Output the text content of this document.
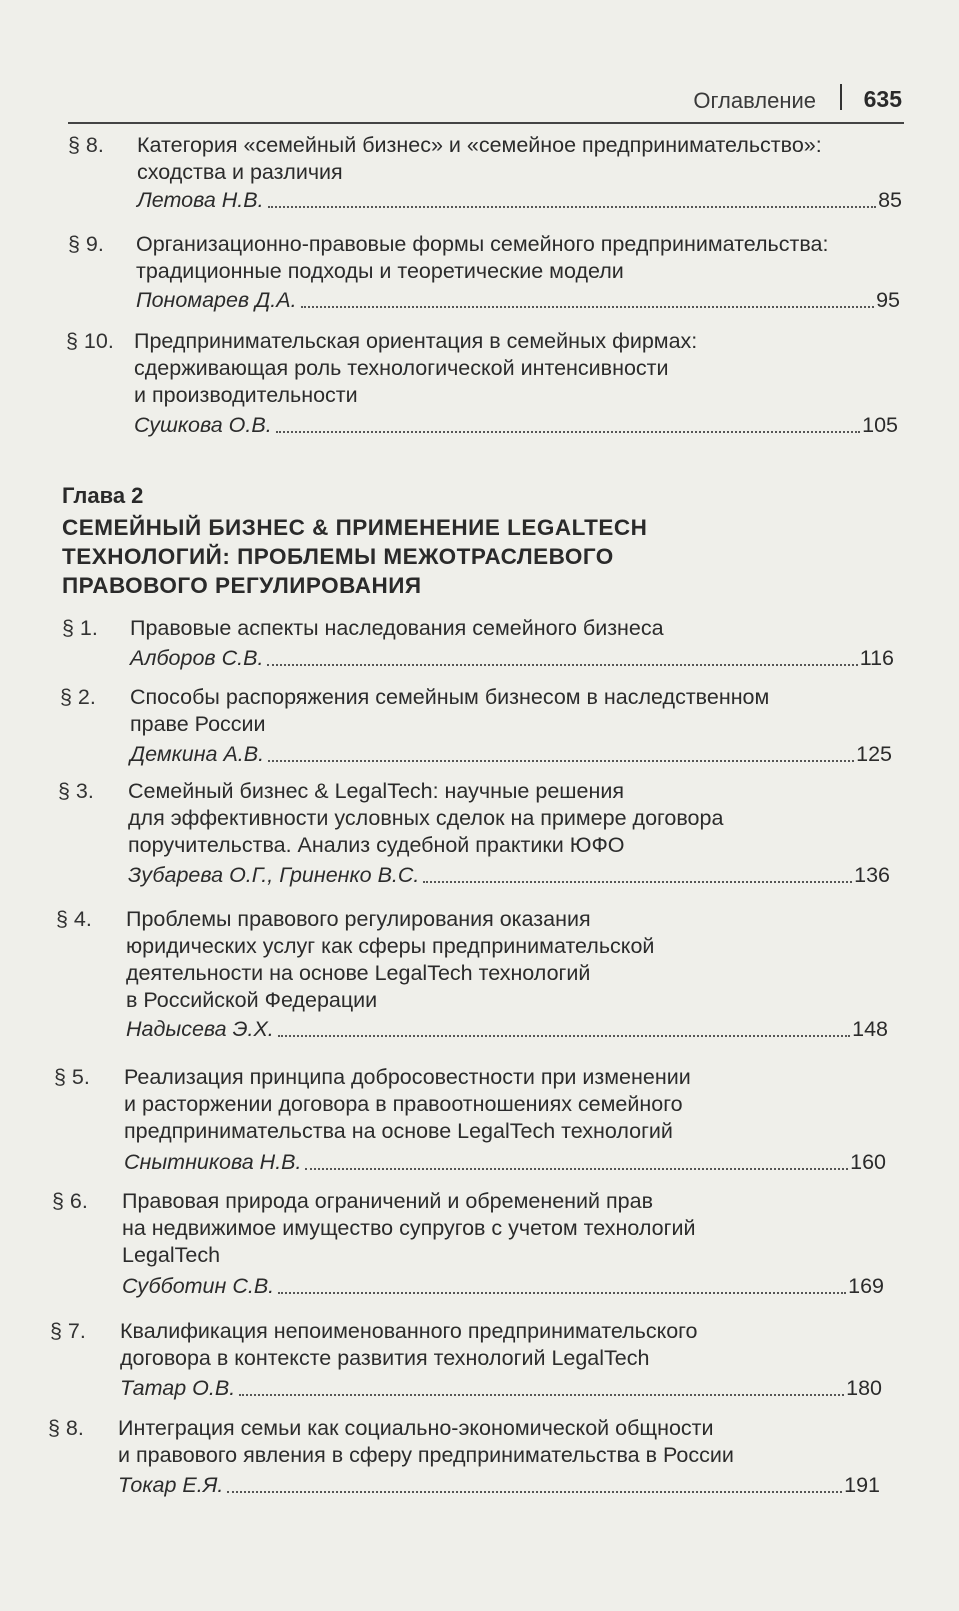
Оглавление 635
Глава 2
СЕМЕЙНЫЙ БИЗНЕС & ПРИМЕНЕНИЕ LEGALTECH
ТЕХНОЛОГИЙ: ПРОБЛЕМЫ МЕЖОТРАСЛЕВОГО
ПРАВОВОГО РЕГУЛИРОВАНИЯ
§ 8. Категория «семейный бизнес» и «семейное предпринимательство»:
сходства и различия
Летова Н.В.	85
§ 9. Организационно-правовые формы семейного предпринимательства:
традиционные подходы и теоретические модели
Пономарев Д.А.	95
§ 10. Предпринимательская ориентация в семейных фирмах:
сдерживающая роль технологической интенсивности
и производительности
Сушкова О.В.	105
§ 1. Правовые аспекты наследования семейного бизнеса
Алборов С.В.	116
§ 2. Способы распоряжения семейным бизнесом в наследственном
праве России
Демкина А.В.	125
§ 3. Семейный бизнес & LegalTech: научные решения
для эффективности условных сделок на примере договора
поручительства. Анализ судебной практики ЮФО
Зубарева О.Г., Гриненко В.С.	136
§ 4. Проблемы правового регулирования оказания
юридических услуг как сферы предпринимательской
деятельности на основе LegalTech технологий
в Российской Федерации
Надысева Э.Х.	148
§ 5. Реализация принципа добросовестности при изменении
и расторжении договора в правоотношениях семейного
предпринимательства на основе LegalTech технологий
Снытникова Н.В.	160
§ 6. Правовая природа ограничений и обременений прав
на недвижимое имущество супругов с учетом технологий
LegalTech
Субботин С.В.	169
§ 7. Квалификация непоименованного предпринимательского
договора в контексте развития технологий LegalTech
Татар О.В.	180
§ 8. Интеграция семьи как социально-экономической общности
и правового явления в сферу предпринимательства в России
Токар Е.Я.	191
